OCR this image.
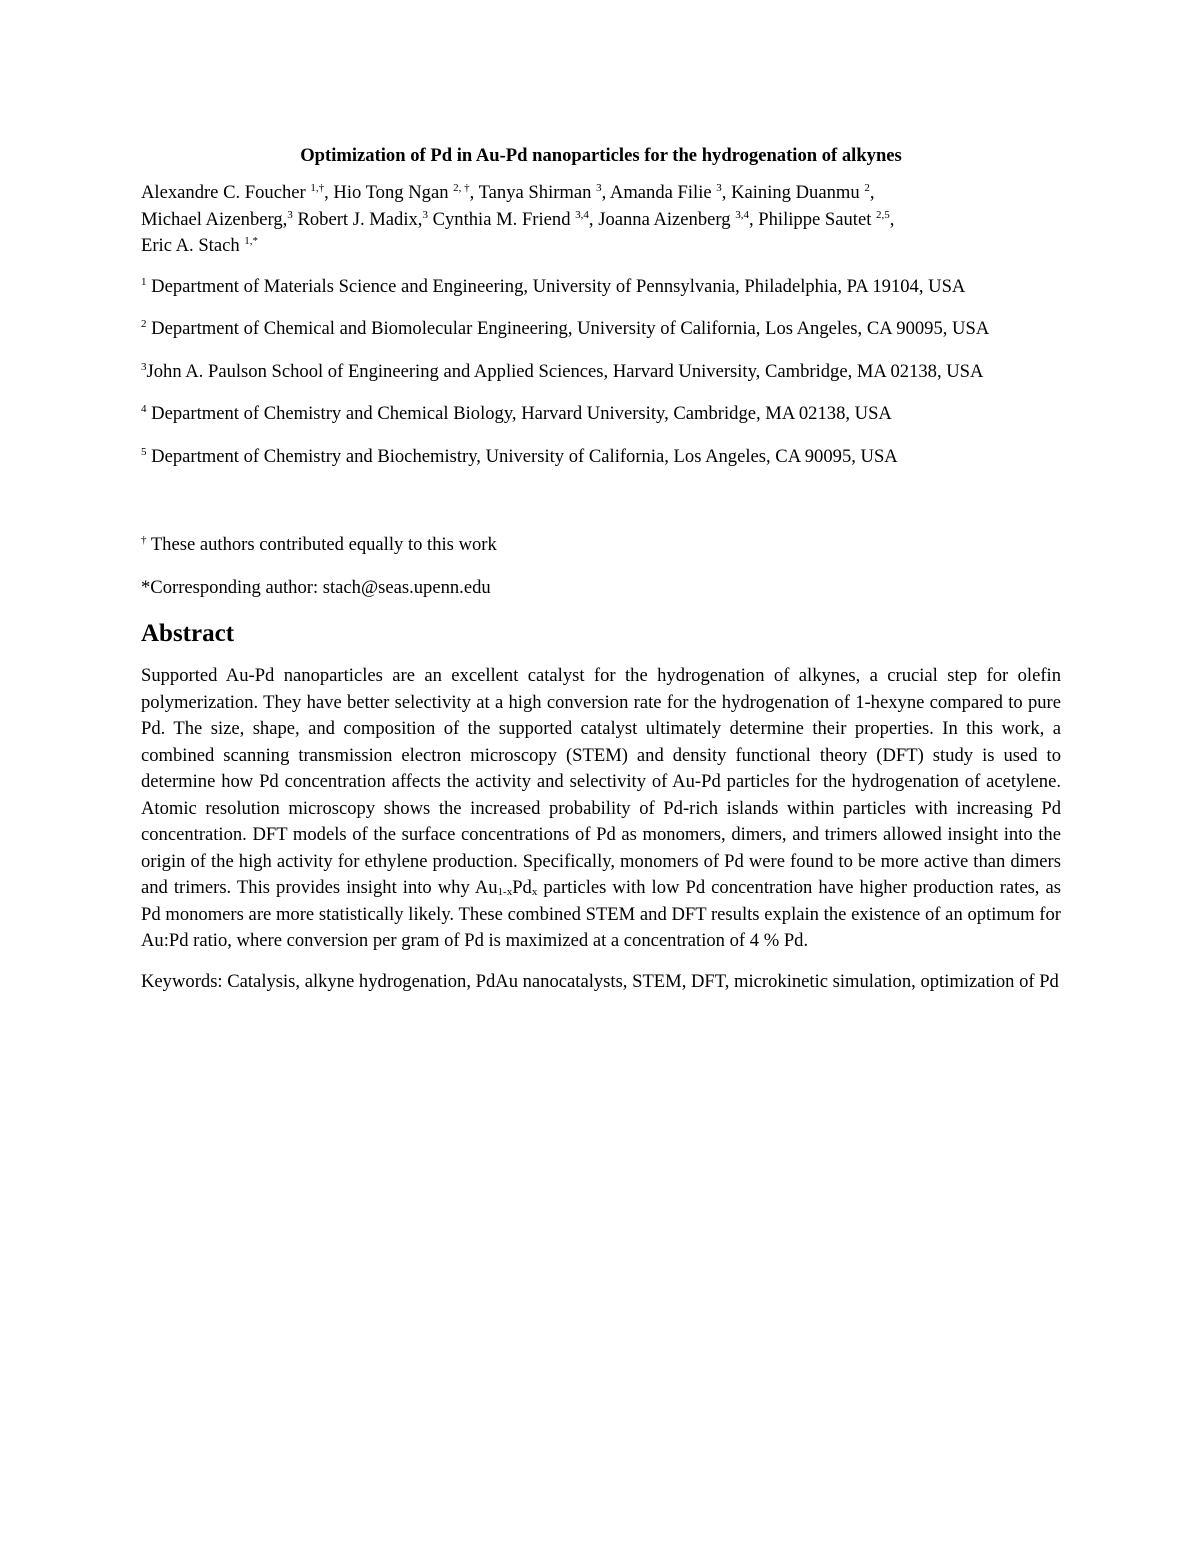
Optimization of Pd in Au-Pd nanoparticles for the hydrogenation of alkynes

Alexandre C. Foucher $^{1,\dagger}$, Hio Tong Ngan $^{2, \dagger}$, Tanya Shirman $^3$, Amanda Filie $^3$, Kaining Duanmu $^2$,
Michael Aizenberg,$^3$ Robert J. Madix,$^3$ Cynthia M. Friend $^{3,4}$, Joanna Aizenberg $^{3,4}$, Philippe Sautet $^{2,5}$,
Eric A. Stach $^{1,*}$

$^1$ Department of Materials Science and Engineering, University of Pennsylvania, Philadelphia, PA 19104, USA

$^2$ Department of Chemical and Biomolecular Engineering, University of California, Los Angeles, CA 90095, USA

$^3$John A. Paulson School of Engineering and Applied Sciences, Harvard University, Cambridge, MA 02138, USA

$^4$ Department of Chemistry and Chemical Biology, Harvard University, Cambridge, MA 02138, USA

$^5$ Department of Chemistry and Biochemistry, University of California, Los Angeles, CA 90095, USA

† These authors contributed equally to this work

*Corresponding author: stach@seas.upenn.edu

Abstract

Supported Au-Pd nanoparticles are an excellent catalyst for the hydrogenation of alkynes, a crucial step for olefin polymerization. They have better selectivity at a high conversion rate for the hydrogenation of 1-hexyne compared to pure Pd. The size, shape, and composition of the supported catalyst ultimately determine their properties. In this work, a combined scanning transmission electron microscopy (STEM) and density functional theory (DFT) study is used to determine how Pd concentration affects the activity and selectivity of Au-Pd particles for the hydrogenation of acetylene. Atomic resolution microscopy shows the increased probability of Pd-rich islands within particles with increasing Pd concentration. DFT models of the surface concentrations of Pd as monomers, dimers, and trimers allowed insight into the origin of the high activity for ethylene production. Specifically, monomers of Pd were found to be more active than dimers and trimers. This provides insight into why Au1-xPdx particles with low Pd concentration have higher production rates, as Pd monomers are more statistically likely. These combined STEM and DFT results explain the existence of an optimum for Au:Pd ratio, where conversion per gram of Pd is maximized at a concentration of 4 % Pd.

Keywords: Catalysis, alkyne hydrogenation, PdAu nanocatalysts, STEM, DFT, microkinetic simulation, optimization of Pd
